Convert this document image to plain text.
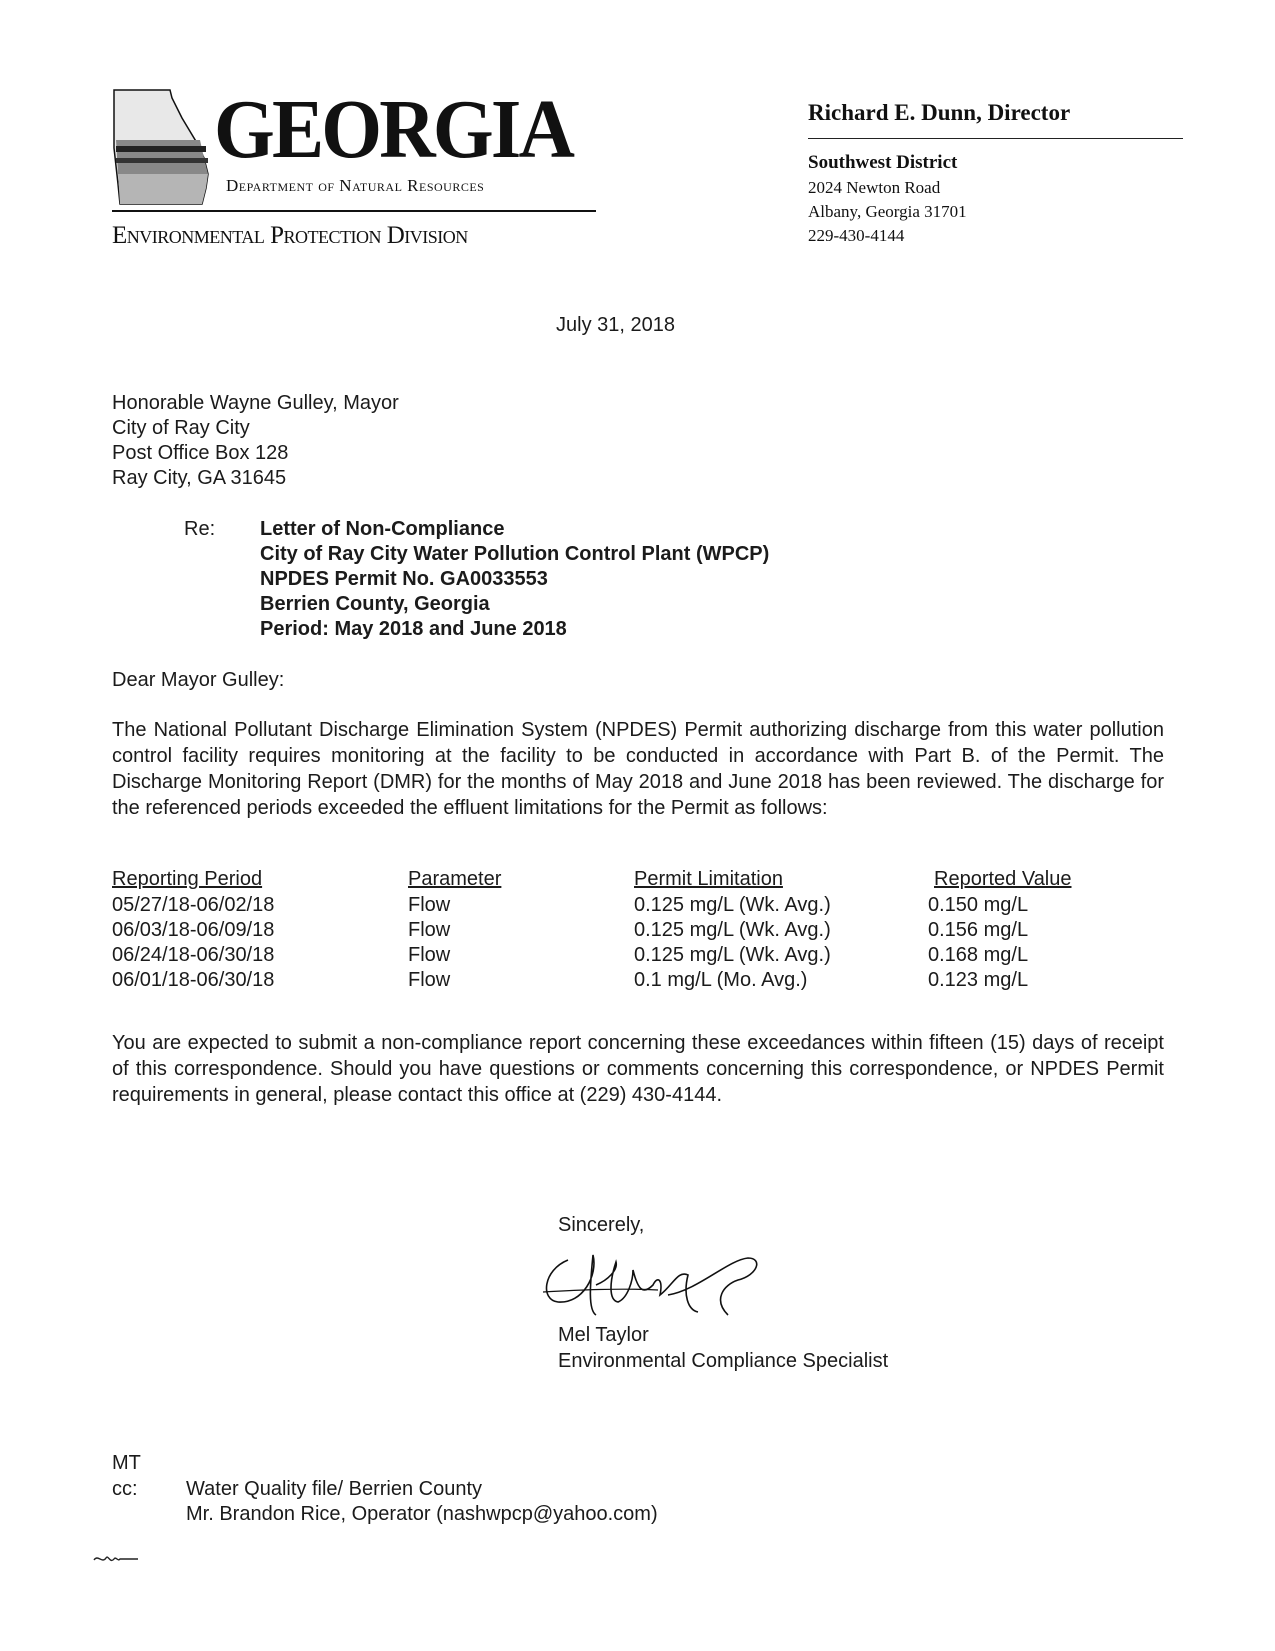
GEORGIA
Department of Natural Resources
Environmental Protection Division
Richard E. Dunn, Director
Southwest District
2024 Newton Road
Albany, Georgia 31701
229-430-4144
July 31, 2018
Honorable Wayne Gulley, Mayor
City of Ray City
Post Office Box 128
Ray City, GA 31645
Re: Letter of Non-Compliance
City of Ray City Water Pollution Control Plant (WPCP)
NPDES Permit No. GA0033553
Berrien County, Georgia
Period: May 2018 and June 2018
Dear Mayor Gulley:
The National Pollutant Discharge Elimination System (NPDES) Permit authorizing discharge from this water pollution control facility requires monitoring at the facility to be conducted in accordance with Part B. of the Permit. The Discharge Monitoring Report (DMR) for the months of May 2018 and June 2018 has been reviewed. The discharge for the referenced periods exceeded the effluent limitations for the Permit as follows:
Reporting Period	Parameter	Permit Limitation	Reported Value
05/27/18-06/02/18	Flow	0.125 mg/L (Wk. Avg.)	0.150 mg/L
06/03/18-06/09/18	Flow	0.125 mg/L (Wk. Avg.)	0.156 mg/L
06/24/18-06/30/18	Flow	0.125 mg/L (Wk. Avg.)	0.168 mg/L
06/01/18-06/30/18	Flow	0.1 mg/L (Mo. Avg.)	0.123 mg/L
You are expected to submit a non-compliance report concerning these exceedances within fifteen (15) days of receipt of this correspondence. Should you have questions or comments concerning this correspondence, or NPDES Permit requirements in general, please contact this office at (229) 430-4144.
Sincerely,
Mel Taylor
Environmental Compliance Specialist
MT
cc: Water Quality file/ Berrien County
Mr. Brandon Rice, Operator (nashwpcp@yahoo.com)
